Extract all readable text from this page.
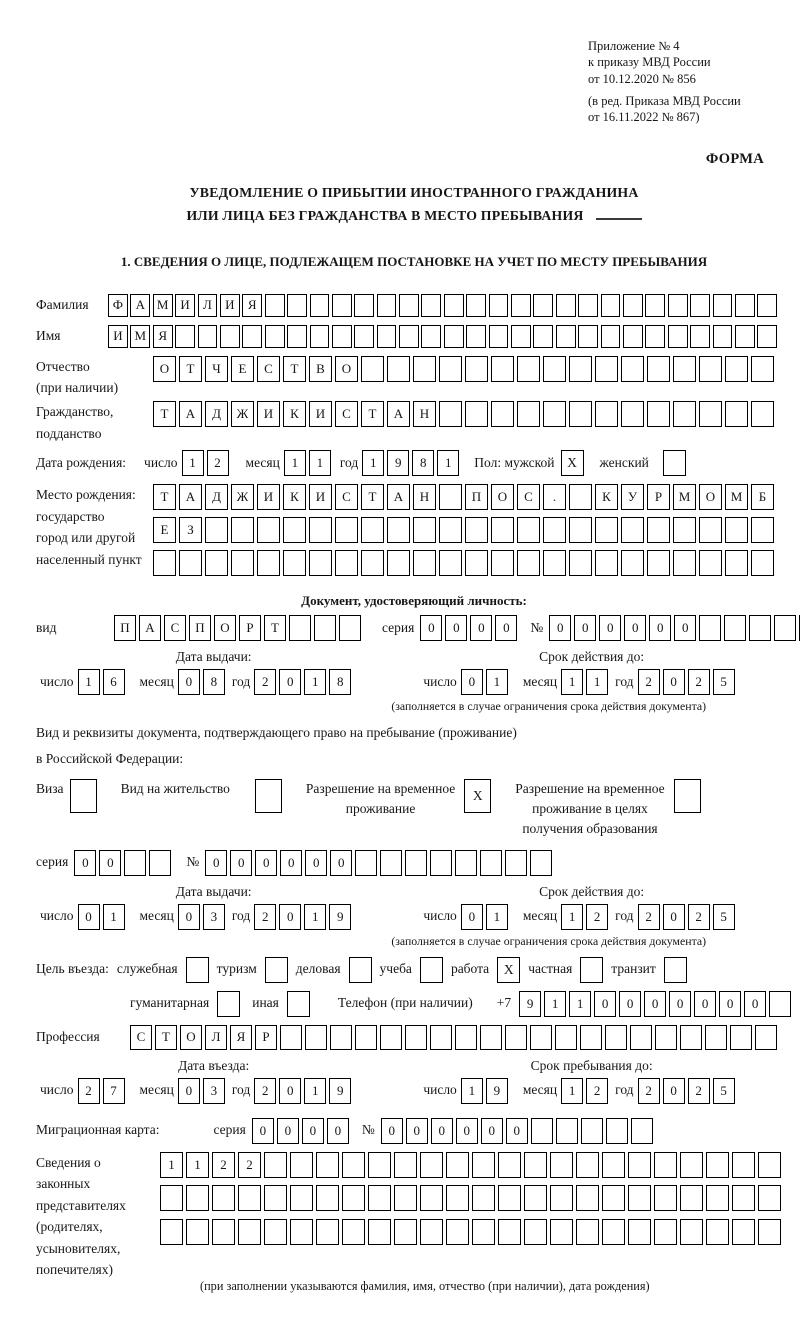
Приложение № 4
к приказу МВД России
от 10.12.2020 № 856
(в ред. Приказа МВД России
от 16.11.2022 № 867)
ФОРМА
УВЕДОМЛЕНИЕ О ПРИБЫТИИ ИНОСТРАННОГО ГРАЖДАНИНА
ИЛИ ЛИЦА БЕЗ ГРАЖДАНСТВА В МЕСТО ПРЕБЫВАНИЯ
1. СВЕДЕНИЯ О ЛИЦЕ, ПОДЛЕЖАЩЕМ ПОСТАНОВКЕ НА УЧЕТ ПО МЕСТУ ПРЕБЫВАНИЯ
Фамилия	Ф А М И	Л	И	Я
Имя	И М Я
Отчество
(при наличии)
О	Т	Ч	Е	С	Т	В	О
Гражданство,
подданство
Т	А	Д	Ж	И	К	И	С	Т	А	Н
Дата рождения: число 1	2	месяц 1	1	год 1	9	8	1	Пол: мужской X	женский
Место рождения:
государство
город или другой
населенный пункт
Т	А	Д	Ж	И	К	И	С	Т	А	Н	П	О	С	.	К	У	Р	М	О	М	Б
Е	З
Документ, удостоверяющий личность:
вид	П	А	С	П	О	Р	Т	серия	0	0	0	0	№	0	0	0	0	0	0
Дата выдачи:
число 1	6	месяц 0	8	год 2	0	1	8
Срок действия до:
число 0	1	месяц 1	1	год 2	0	2	5
(заполняется в случае ограничения срока действия документа)
Вид и реквизиты документа, подтверждающего право на пребывание (проживание)
в Российской Федерации:
Виза	Вид на жительство	Разрешение на временное
проживание
X	Разрешение на временное
проживание в целях
получения образования
серия	0	0	№	0	0	0	0	0	0
Дата выдачи:
число 0	1	месяц 0	3	год 2	0	1	9
Срок действия до:
число 0	1	месяц 1	2	год 2	0	2	5
(заполняется в случае ограничения срока действия документа)
Цель въезда: служебная	туризм	деловая	учеба	работа	X	частная	транзит
гуманитарная	иная	Телефон (при наличии) +7	9	1	1	0	0	0	0	0	0	0
Профессия	С	Т	О	Л	Я	Р
Дата въезда:
число 2	7	месяц 0	3	год 2	0	1	9
Срок пребывания до:
число 1	9	месяц 1	2	год 2	0	2	5
Миграционная карта:	серия	0	0	0	0	№	0	0	0	0	0	0
Сведения о
законных
представителях
(родителях,
усыновителях,
попечителях)
1	1	2	2
(при заполнении указываются фамилия, имя, отчество (при наличии), дата рождения)
